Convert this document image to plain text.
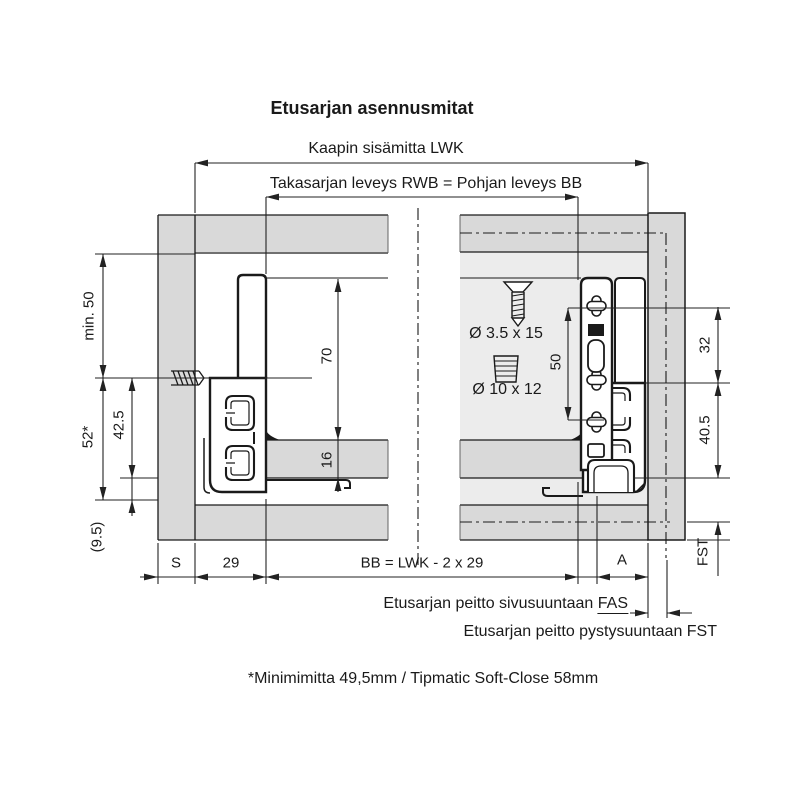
Etusarjan asennusmitat
Kaapin sisämitta LWK
Takasarjan leveys RWB = Pohjan leveys BB
min. 50
52* 42.5
(9.5)
70
16
Ø 3.5 x 15
Ø 10 x 12
50
32
40.5
FST
S	29	BB = LWK - 2 x 29	A
Etusarjan peitto sivusuuntaan FAS
Etusarjan peitto pystysuuntaan FST
*Minimimitta 49,5mm / Tipmatic Soft-Close 58mm
